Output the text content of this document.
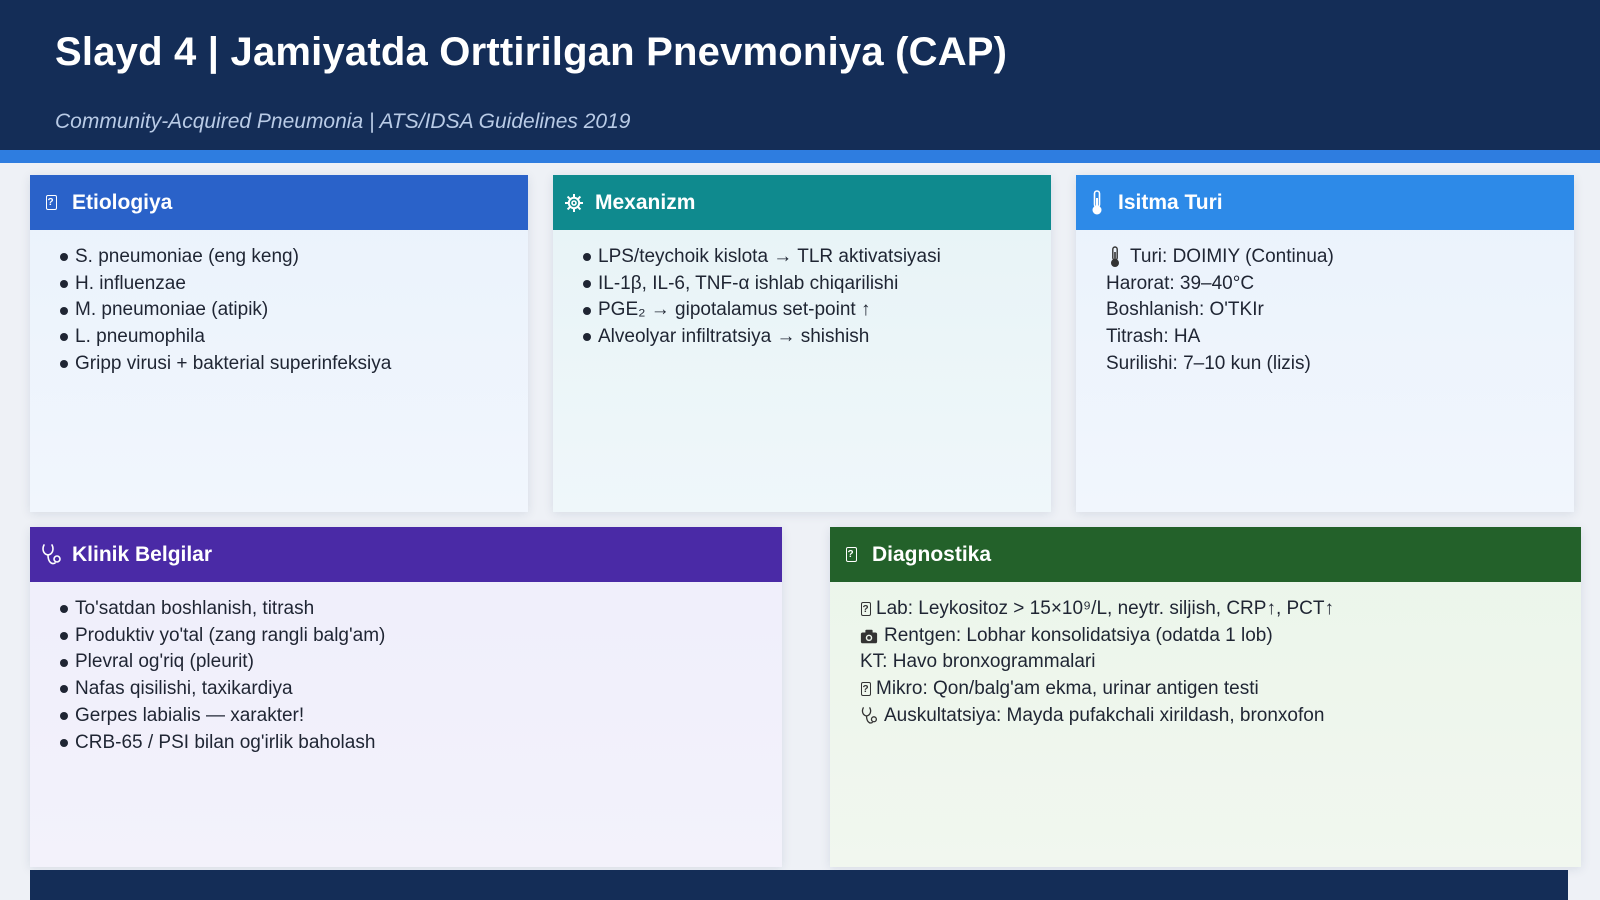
Slayd 4 | Jamiyatda Orttirilgan Pnevmoniya (CAP)
Community-Acquired Pneumonia | ATS/IDSA Guidelines 2019
?
Etiologiya
S. pneumoniae (eng keng)
H. influenzae
M. pneumoniae (atipik)
L. pneumophila
Gripp virusi + bakterial superinfeksiya
Mexanizm
LPS/teychoik kislota → TLR aktivatsiyasi
IL-1β, IL-6, TNF-α ishlab chiqarilishi
PGE₂ → gipotalamus set-point ↑
Alveolyar infiltratsiya → shishish
Isitma Turi
Turi: DOIMIY (Continua)
Harorat: 39–40°C
Boshlanish: O'TKIr
Titrash: HA
Surilishi: 7–10 kun (lizis)
Klinik Belgilar
To'satdan boshlanish, titrash
Produktiv yo'tal (zang rangli balg'am)
Plevral og'riq (pleurit)
Nafas qisilishi, taxikardiya
Gerpes labialis — xarakter!
CRB-65 / PSI bilan og'irlik baholash
?
Diagnostika
?
Lab: Leykositoz > 15×10⁹/L, neytr. siljish, CRP↑, PCT↑
Rentgen: Lobhar konsolidatsiya (odatda 1 lob)
KT: Havo bronxogrammalari
?
Mikro: Qon/balg'am ekma, urinar antigen testi
Auskultatsiya: Mayda pufakchali xirildash, bronxofon
